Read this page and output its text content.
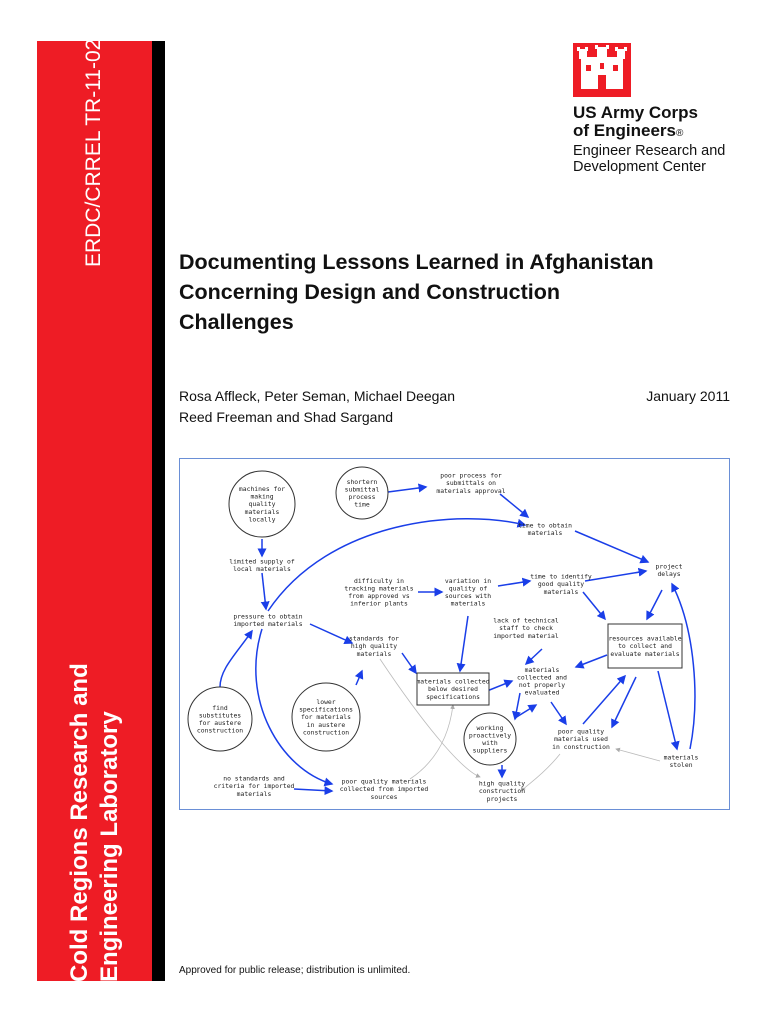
ERDC/CRREL TR-11-02
Cold Regions Research and Engineering Laboratory
US Army Corps
of Engineers®
Engineer Research and
Development Center
Documenting Lessons Learned in Afghanistan
Concerning Design and Construction
Challenges
Rosa Affleck, Peter Seman, Michael Deegan
Reed Freeman and Shad Sargand
January 2011
machines for making quality materials locally
shortern submittal process time
poor process for submittals on materials approval
time to obtain materials
project delays
limited supply of local materials
difficulty in tracking materials from approved vs inferior plants
variation in quality of sources with materials
time to identify good quality materials
pressure to obtain imported materials	lack of technical staff to check imported material
standards for high quality materials
resources available to collect and evaluate materials
materials collected below desired specifications
materials collected and not properly evaluated
find substitutes for austere construction
lower specifications for materials in austere construction
working proactively with suppliers
poor quality materials used in construction
materials stolen
no standards and criteria for imported materials
poor quality materials collected from imported sources
high quality construction projects
Approved for public release; distribution is unlimited.
